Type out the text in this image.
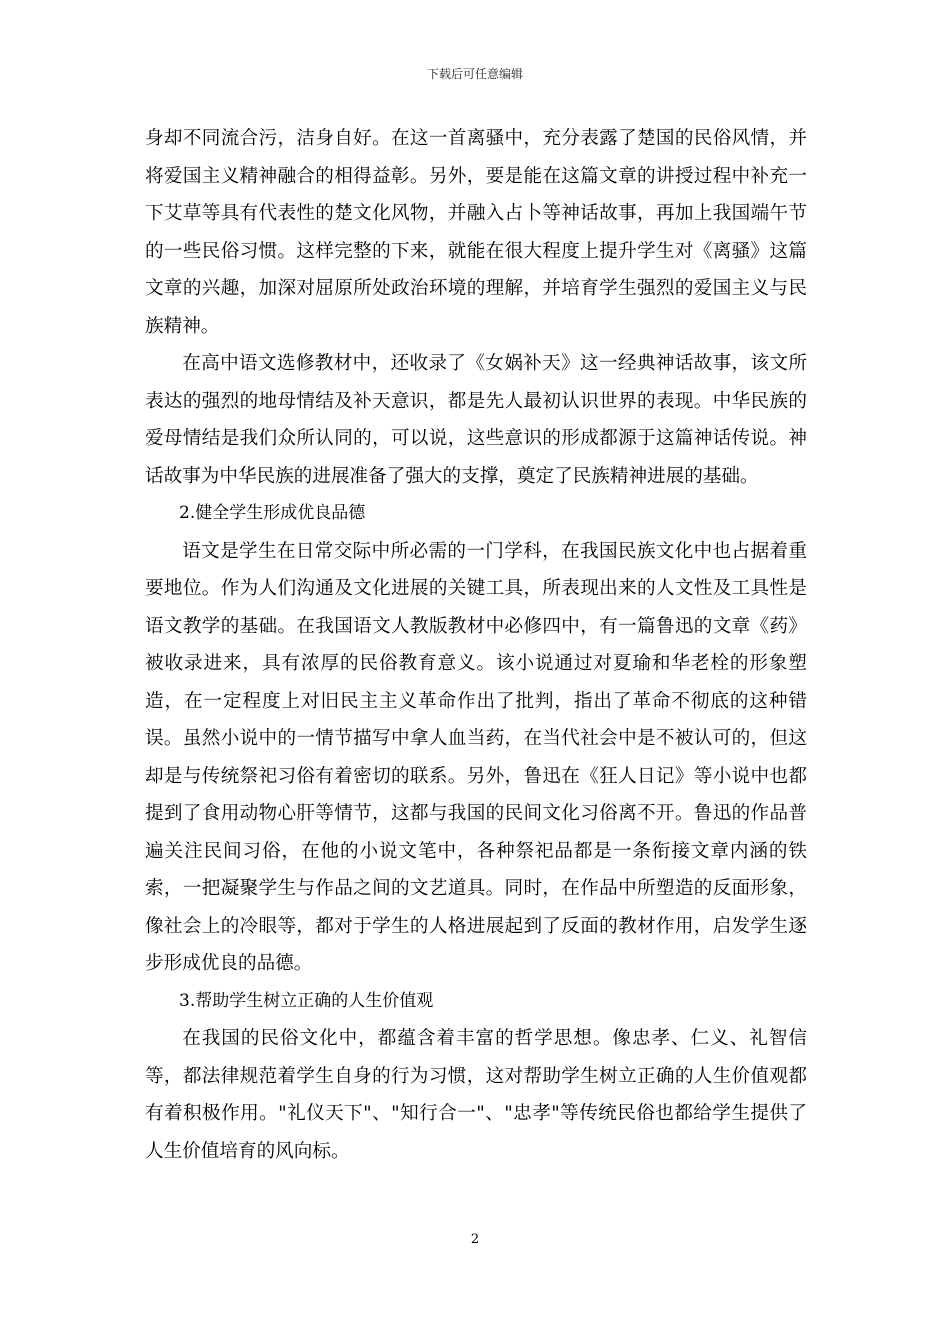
下载后可任意编辑

身却不同流合污，洁身自好。在这一首离骚中，充分表露了楚国的民俗风情，并将爱国主义精神融合的相得益彰。另外，要是能在这篇文章的讲授过程中补充一下艾草等具有代表性的楚文化风物，并融入占卜等神话故事，再加上我国端午节的一些民俗习惯。这样完整的下来，就能在很大程度上提升学生对《离骚》这篇文章的兴趣，加深对屈原所处政治环境的理解，并培育学生强烈的爱国主义与民族精神。

在高中语文选修教材中，还收录了《女娲补天》这一经典神话故事，该文所表达的强烈的地母情结及补天意识，都是先人最初认识世界的表现。中华民族的爱母情结是我们众所认同的，可以说，这些意识的形成都源于这篇神话传说。神话故事为中华民族的进展准备了强大的支撑，奠定了民族精神进展的基础。

2.健全学生形成优良品德

语文是学生在日常交际中所必需的一门学科，在我国民族文化中也占据着重要地位。作为人们沟通及文化进展的关键工具，所表现出来的人文性及工具性是语文教学的基础。在我国语文人教版教材中必修四中，有一篇鲁迅的文章《药》被收录进来，具有浓厚的民俗教育意义。该小说通过对夏瑜和华老栓的形象塑造，在一定程度上对旧民主主义革命作出了批判，指出了革命不彻底的这种错误。虽然小说中的一情节描写中拿人血当药，在当代社会中是不被认可的，但这却是与传统祭祀习俗有着密切的联系。另外，鲁迅在《狂人日记》等小说中也都提到了食用动物心肝等情节，这都与我国的民间文化习俗离不开。鲁迅的作品普遍关注民间习俗，在他的小说文笔中，各种祭祀品都是一条衔接文章内涵的铁索，一把凝聚学生与作品之间的文艺道具。同时，在作品中所塑造的反面形象，像社会上的冷眼等，都对于学生的人格进展起到了反面的教材作用，启发学生逐步形成优良的品德。

3.帮助学生树立正确的人生价值观

在我国的民俗文化中，都蕴含着丰富的哲学思想。像忠孝、仁义、礼智信等，都法律规范着学生自身的行为习惯，这对帮助学生树立正确的人生价值观都有着积极作用。"礼仪天下"、"知行合一"、"忠孝"等传统民俗也都给学生提供了人生价值培育的风向标。

2
